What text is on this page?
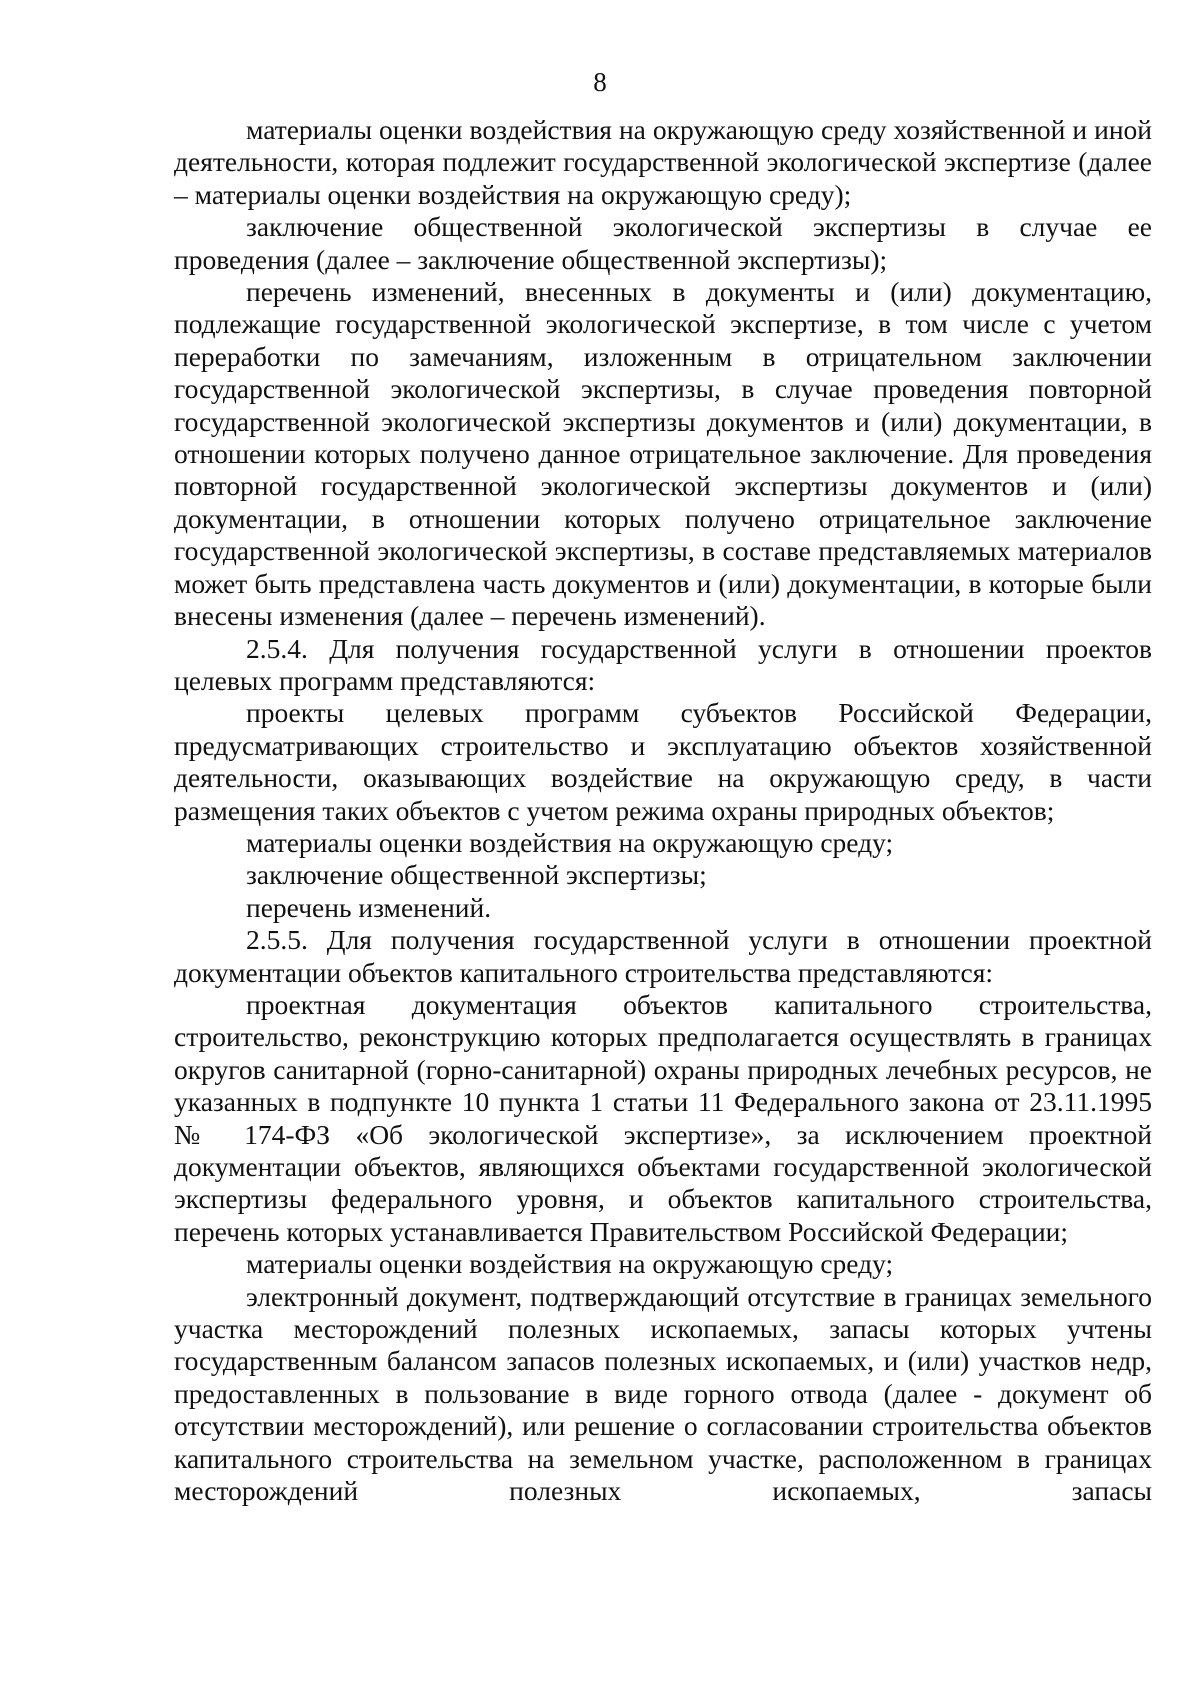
8

материалы оценки воздействия на окружающую среду хозяйственной и иной деятельности, которая подлежит государственной экологической экспертизе (далее – материалы оценки воздействия на окружающую среду);

заключение общественной экологической экспертизы в случае ее проведения (далее – заключение общественной экспертизы);

перечень изменений, внесенных в документы и (или) документацию, подлежащие государственной экологической экспертизе, в том числе с учетом переработки по замечаниям, изложенным в отрицательном заключении государственной экологической экспертизы, в случае проведения повторной государственной экологической экспертизы документов и (или) документации, в отношении которых получено данное отрицательное заключение. Для проведения повторной государственной экологической экспертизы документов и (или) документации, в отношении которых получено отрицательное заключение государственной экологической экспертизы, в составе представляемых материалов может быть представлена часть документов и (или) документации, в которые были внесены изменения (далее – перечень изменений).

2.5.4. Для получения государственной услуги в отношении проектов целевых программ представляются:

проекты целевых программ субъектов Российской Федерации, предусматривающих строительство и эксплуатацию объектов хозяйственной деятельности, оказывающих воздействие на окружающую среду, в части размещения таких объектов с учетом режима охраны природных объектов;

материалы оценки воздействия на окружающую среду;

заключение общественной экспертизы;

перечень изменений.

2.5.5. Для получения государственной услуги в отношении проектной документации объектов капитального строительства представляются:

проектная документация объектов капитального строительства, строительство, реконструкцию которых предполагается осуществлять в границах округов санитарной (горно-санитарной) охраны природных лечебных ресурсов, не указанных в подпункте 10 пункта 1 статьи 11 Федерального закона от 23.11.1995 № 174-ФЗ «Об экологической экспертизе», за исключением проектной документации объектов, являющихся объектами государственной экологической экспертизы федерального уровня, и объектов капитального строительства, перечень которых устанавливается Правительством Российской Федерации;

материалы оценки воздействия на окружающую среду;

электронный документ, подтверждающий отсутствие в границах земельного участка месторождений полезных ископаемых, запасы которых учтены государственным балансом запасов полезных ископаемых, и (или) участков недр, предоставленных в пользование в виде горного отвода (далее - документ об отсутствии месторождений), или решение о согласовании строительства объектов капитального строительства на земельном участке, расположенном в границах месторождений полезных ископаемых, запасы
